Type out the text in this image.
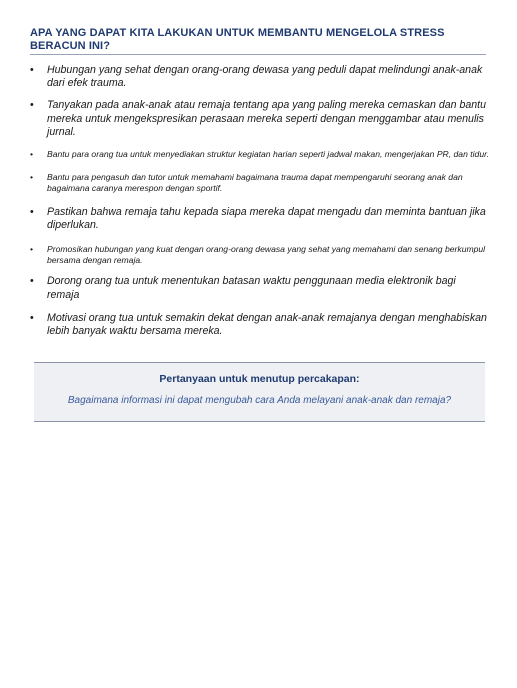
APA YANG DAPAT KITA LAKUKAN UNTUK MEMBANTU MENGELOLA STRESS BERACUN INI?
• Hubungan yang sehat dengan orang-orang dewasa yang peduli dapat melindungi anak-anak dari efek trauma.
• Tanyakan pada anak-anak atau remaja tentang apa yang paling mereka cemaskan dan bantu mereka untuk mengekspresikan perasaan mereka seperti dengan menggambar atau menulis jurnal.
• Bantu para orang tua untuk menyediakan struktur kegiatan harian seperti jadwal makan, mengerjakan PR, dan tidur.
• Bantu para pengasuh dan tutor untuk memahami bagaimana trauma dapat mempengaruhi seorang anak dan bagaimana caranya merespon dengan sportif.
• Pastikan bahwa remaja tahu kepada siapa mereka dapat mengadu dan meminta bantuan jika diperlukan.
• Promosikan hubungan yang kuat dengan orang-orang dewasa yang sehat yang memahami dan senang berkumpul bersama dengan remaja.
• Dorong orang tua untuk menentukan batasan waktu penggunaan media elektronik bagi remaja
• Motivasi orang tua untuk semakin dekat dengan anak-anak remajanya dengan menghabiskan lebih banyak waktu bersama mereka.
Pertanyaan untuk menutup percakapan:
Bagaimana informasi ini dapat mengubah cara Anda melayani anak-anak dan remaja?
